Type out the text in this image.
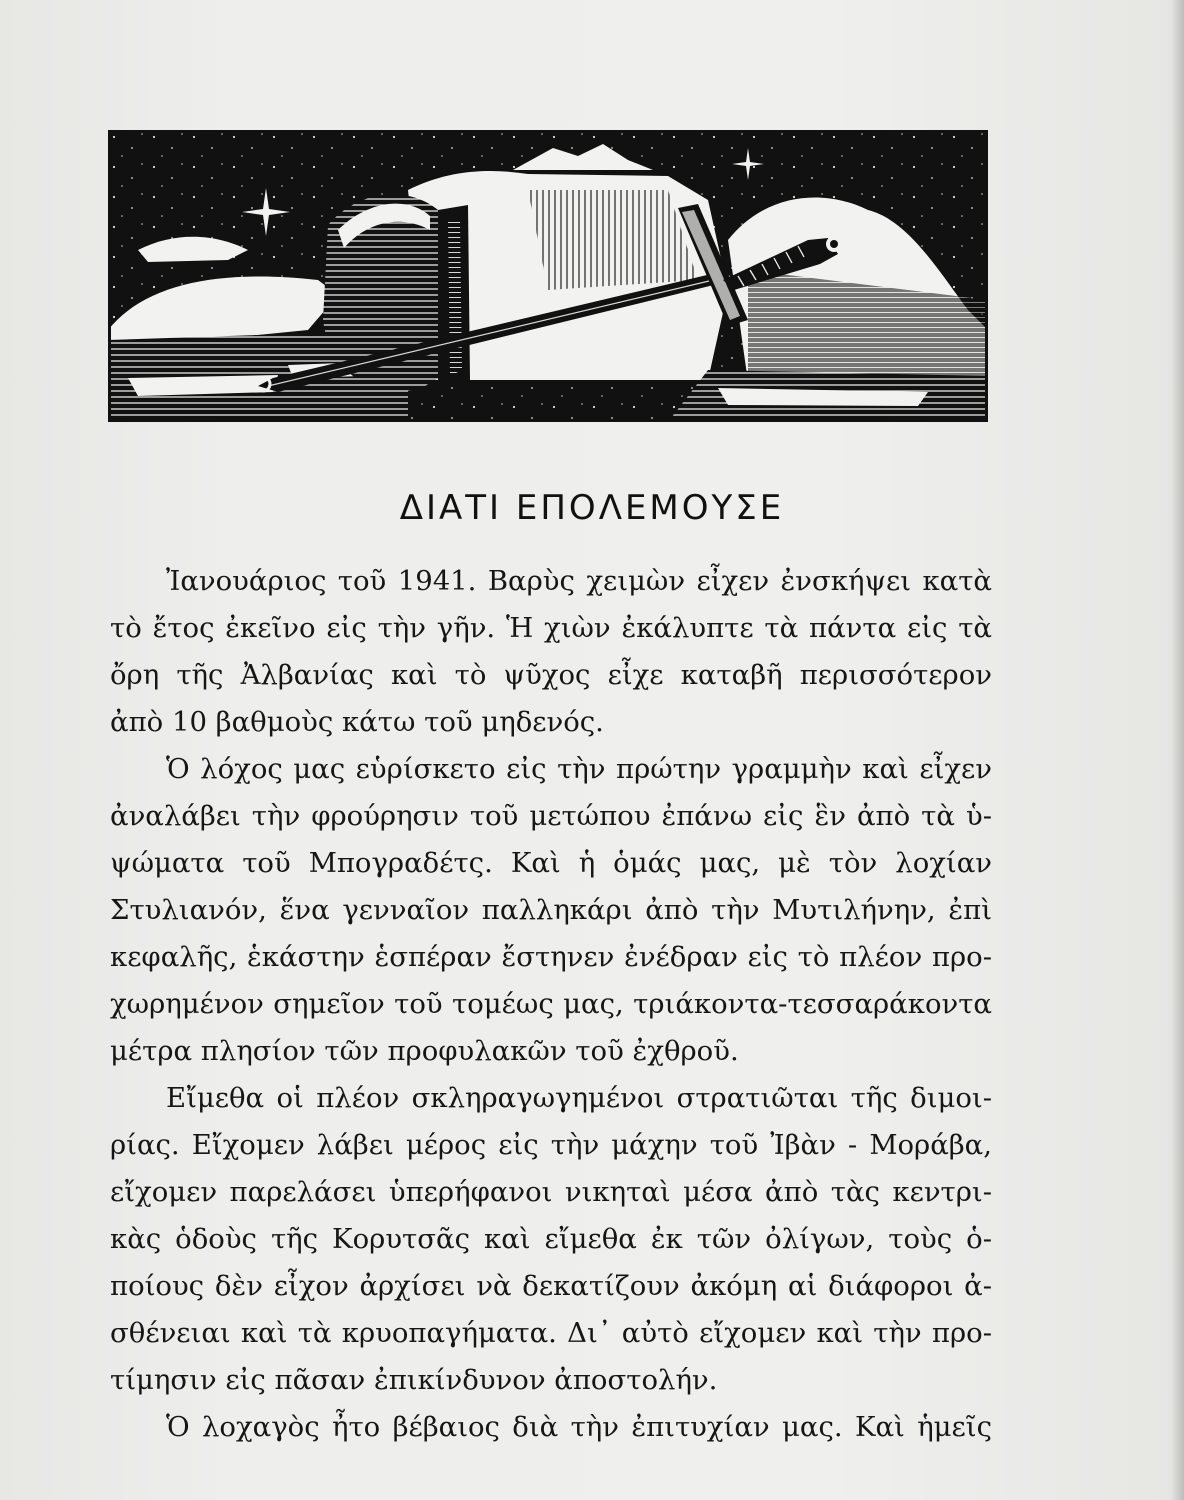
ΔΙΑΤΙ ΕΠΟΛΕΜΟΥΣΕ
Ἰανουάριος τοῦ 1941. Βαρὺς χειμὼν εἶχεν ἐνσκήψει κατὰ
τὸ ἔτος ἐκεῖνο εἰς τὴν γῆν. Ἡ χιὼν ἐκάλυπτε τὰ πάντα εἰς τὰ
ὄρη τῆς Ἀλβανίας καὶ τὸ ψῦχος εἶχε καταβῆ περισσότερον
ἀπὸ 10 βαθμοὺς κάτω τοῦ μηδενός.
Ὁ λόχος μας εὑρίσκετο εἰς τὴν πρώτην γραμμὴν καὶ εἶχεν
ἀναλάβει τὴν φρούρησιν τοῦ μετώπου ἐπάνω εἰς ἓν ἀπὸ τὰ ὑ-
ψώματα τοῦ Μπογραδέτς. Καὶ ἡ ὁμάς μας, μὲ τὸν λοχίαν
Στυλιανόν, ἕνα γενναῖον παλληκάρι ἀπὸ τὴν Μυτιλήνην, ἐπὶ
κεφαλῆς, ἑκάστην ἑσπέραν ἔστηνεν ἐνέδραν εἰς τὸ πλέον προ-
χωρημένον σημεῖον τοῦ τομέως μας, τριάκοντα-τεσσαράκοντα
μέτρα πλησίον τῶν προφυλακῶν τοῦ ἐχθροῦ.
Εἴμεθα οἱ πλέον σκληραγωγημένοι στρατιῶται τῆς διμοι-
ρίας. Εἴχομεν λάβει μέρος εἰς τὴν μάχην τοῦ Ἰβὰν - Μοράβα,
εἴχομεν παρελάσει ὑπερήφανοι νικηταὶ μέσα ἀπὸ τὰς κεντρι-
κὰς ὁδοὺς τῆς Κορυτσᾶς καὶ εἴμεθα ἐκ τῶν ὀλίγων, τοὺς ὁ-
ποίους δὲν εἶχον ἀρχίσει νὰ δεκατίζουν ἀκόμη αἱ διάφοροι ἀ-
σθένειαι καὶ τὰ κρυοπαγήματα. Δι᾽ αὐτὸ εἴχομεν καὶ τὴν προ-
τίμησιν εἰς πᾶσαν ἐπικίνδυνον ἀποστολήν.
Ὁ λοχαγὸς ἦτο βέβαιος διὰ τὴν ἐπιτυχίαν μας. Καὶ ἡμεῖς
